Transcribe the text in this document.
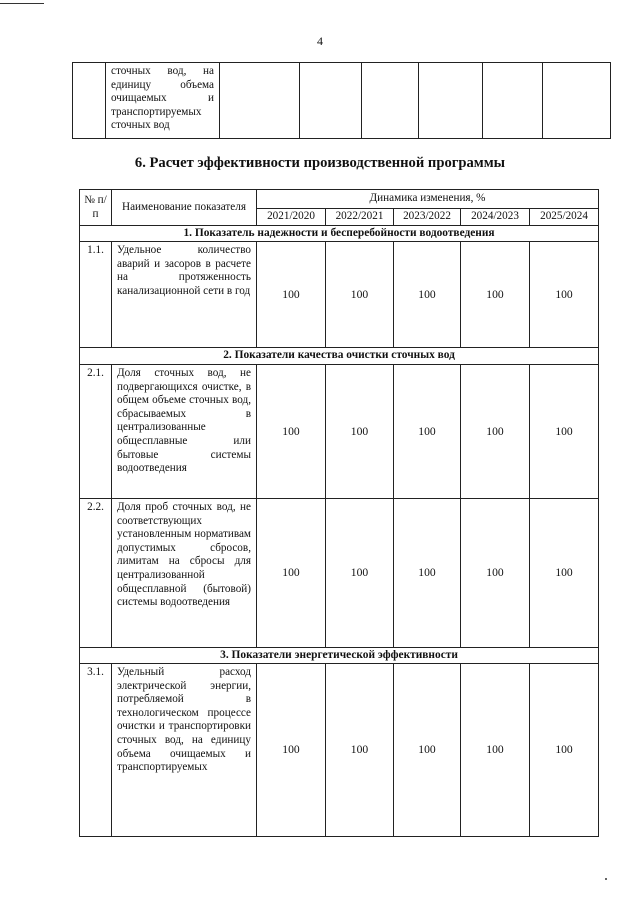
4
	сточных вод, на единицу объема очищаемых и транспортируемых сточных вод						
6. Расчет эффективности производственной программы
№ п/п	Наименование показателя	Динамика изменения, %				
		2021/2020	2022/2021	2023/2022	2024/2023	2025/2024
1. Показатель надежности и бесперебойности водоотведения						
1.1.	Удельное количество аварий и засоров в расчете на протяженность канализационной сети в год	100	100	100	100	100
2. Показатели качества очистки сточных вод						
2.1.	Доля сточных вод, не подвергающихся очистке, в общем объеме сточных вод, сбрасываемых в централизованные общесплавные или бытовые системы водоотведения	100	100	100	100	100
2.2.	Доля проб сточных вод, не соответствующих установленным нормативам допустимых сбросов, лимитам на сбросы для централизованной общесплавной (бытовой) системы водоотведения	100	100	100	100	100
3. Показатели энергетической эффективности						
3.1.	Удельный расход электрической энергии, потребляемой в технологическом процессе очистки и транспортировки сточных вод, на единицу объема очищаемых и транспортируемых	100	100	100	100	100
